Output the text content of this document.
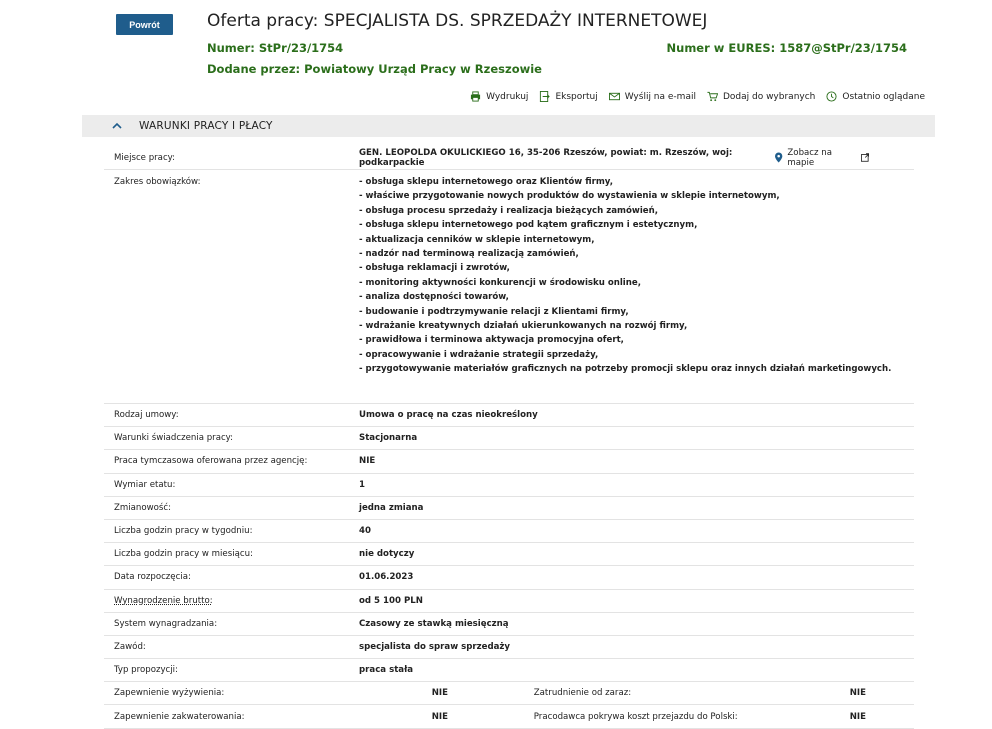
Powrót	Oferta pracy: SPECJALISTA DS. SPRZEDAŻY INTERNETOWEJ
Numer: StPr/23/1754	Numer w EURES: 1587@StPr/23/1754
Dodane przez: Powiatowy Urząd Pracy w Rzeszowie
Wydrukuj	Eksportuj	Wyślij na e-mail	Dodaj do wybranych	Ostatnio oglądane
WARUNKI PRACY I PŁACY
Miejsce pracy:	GEN. LEOPOLDA OKULICKIEGO 16, 35-206 Rzeszów, powiat: m. Rzeszów, woj: podkarpackie
Zobacz na mapie
Zakres obowiązków:	- obsługa sklepu internetowego oraz Klientów firmy,
- właściwe przygotowanie nowych produktów do wystawienia w sklepie internetowym,
- obsługa procesu sprzedaży i realizacja bieżących zamówień,
- obsługa sklepu internetowego pod kątem graficznym i estetycznym,
- aktualizacja cenników w sklepie internetowym,
- nadzór nad terminową realizacją zamówień,
- obsługa reklamacji i zwrotów,
- monitoring aktywności konkurencji w środowisku online,
- analiza dostępności towarów,
- budowanie i podtrzymywanie relacji z Klientami firmy,
- wdrażanie kreatywnych działań ukierunkowanych na rozwój firmy,
- prawidłowa i terminowa aktywacja promocyjna ofert,
- opracowywanie i wdrażanie strategii sprzedaży,
- przygotowywanie materiałów graficznych na potrzeby promocji sklepu oraz innych działań marketingowych.
Rodzaj umowy:	Umowa o pracę na czas nieokreślony
Warunki świadczenia pracy:	Stacjonarna
Praca tymczasowa oferowana przez agencję:	NIE
Wymiar etatu:	1
Zmianowość:	jedna zmiana
Liczba godzin pracy w tygodniu:	40
Liczba godzin pracy w miesiącu:	nie dotyczy
Data rozpoczęcia:	01.06.2023
Wynagrodzenie brutto:	od 5 100 PLN
System wynagradzania:	Czasowy ze stawką miesięczną
Zawód:	specjalista do spraw sprzedaży
Typ propozycji:	praca stała
Zapewnienie wyżywienia:	NIE	Zatrudnienie od zaraz:	NIE
Zapewnienie zakwaterowania:	NIE	Pracodawca pokrywa koszt przejazdu do Polski:	NIE
